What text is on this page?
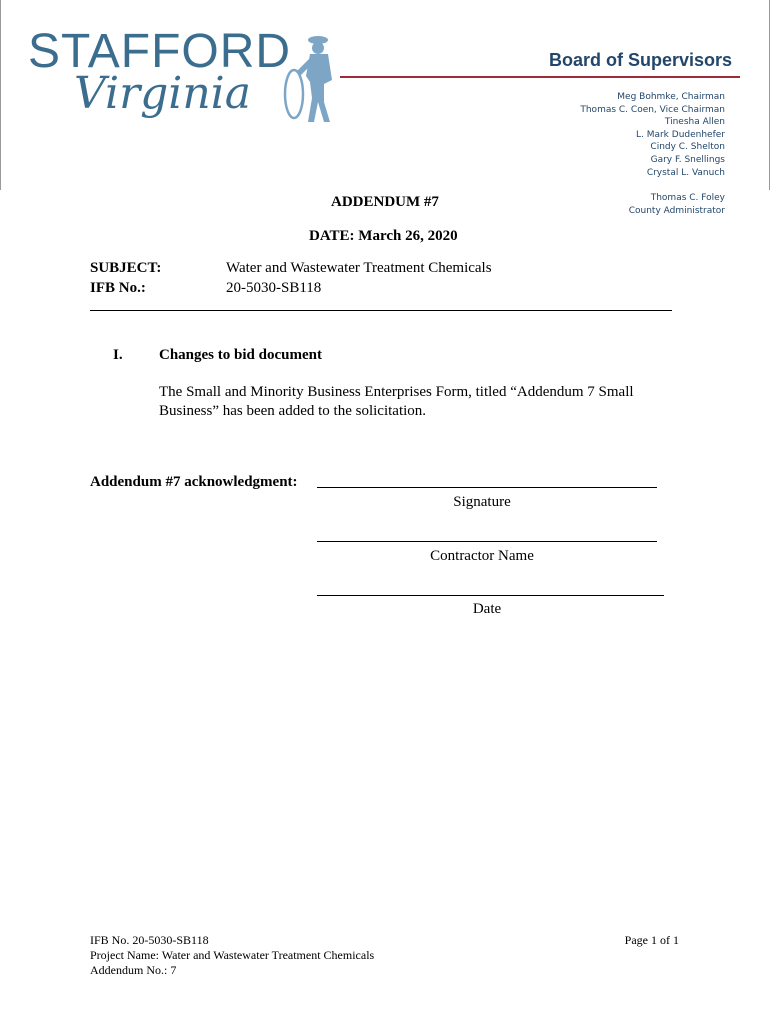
STAFFORD
Virginia
Board of Supervisors
Meg Bohmke, Chairman
Thomas C. Coen, Vice Chairman
Tinesha Allen
L. Mark Dudenhefer
Cindy C. Shelton
Gary F. Snellings
Crystal L. Vanuch
Thomas C. Foley
County Administrator
ADDENDUM #7
DATE: March 26, 2020
SUBJECT:
IFB No.:
Water and Wastewater Treatment Chemicals
20-5030-SB118
I. Changes to bid document
The Small and Minority Business Enterprises Form, titled “Addendum 7 Small
Business” has been added to the solicitation.
Addendum #7 acknowledgment:
Signature
Contractor Name
Date
IFB No. 20-5030-SB118
Project Name: Water and Wastewater Treatment Chemicals
Addendum No.: 7
Page 1 of 1
